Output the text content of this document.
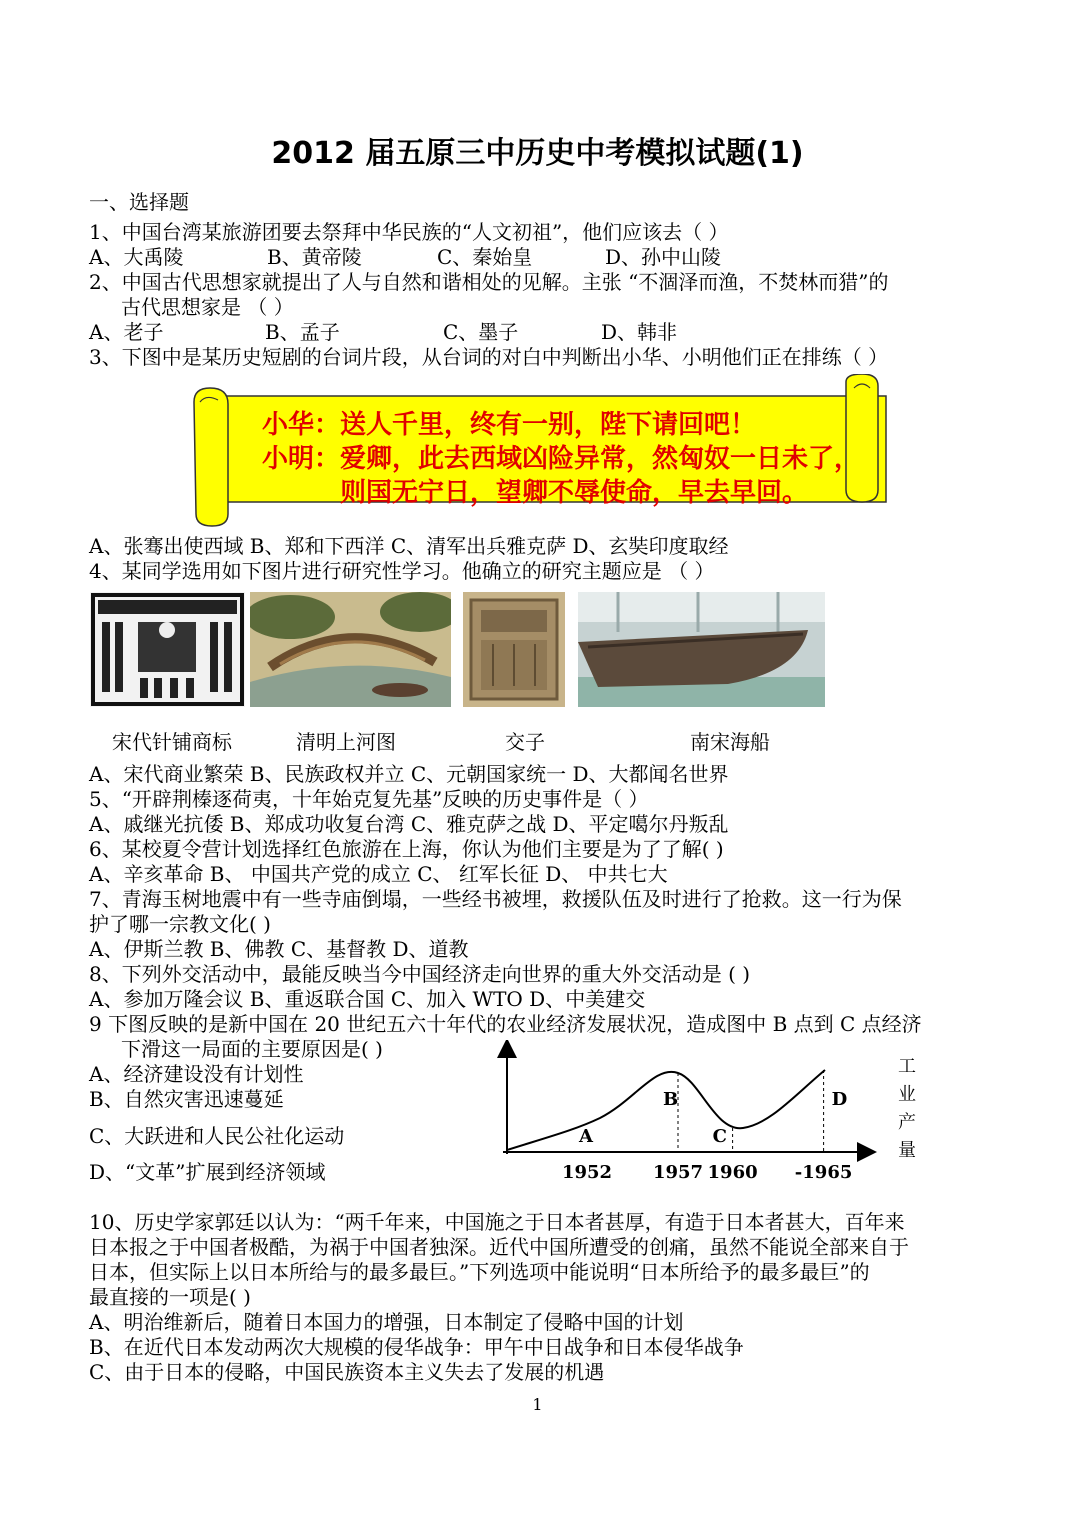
2012 届五原三中历史中考模拟试题(1)
一、选择题
1、中国台湾某旅游团要去祭拜中华民族的“人文初祖”，他们应该去（ ）
A、大禹陵	B、黄帝陵	C、秦始皇	D、孙中山陵
2、中国古代思想家就提出了人与自然和谐相处的见解。主张 “不涸泽而渔，不焚林而猎”的
古代思想家是 （ ）
A、老子	B、孟子	C、墨子	D、韩非
3、下图中是某历史短剧的台词片段，从台词的对白中判断出小华、小明他们正在排练（ ）
小华：送人千里，终有一别，陛下请回吧！
小明：爱卿，此去西域凶险异常，然匈奴一日未了，
则国无宁日，望卿不辱使命，早去早回。
A、张骞出使西域 B、郑和下西洋 C、清军出兵雅克萨 D、玄奘印度取经
4、某同学选用如下图片进行研究性学习。他确立的研究主题应是 （ ）
宋代针铺商标	清明上河图	交子	南宋海船
A、宋代商业繁荣 B、民族政权并立 C、元朝国家统一 D、大都闻名世界
5、“开辟荆榛逐荷夷，十年始克复先基”反映的历史事件是（ ）
A、戚继光抗倭 B、郑成功收复台湾 C、雅克萨之战 D、平定噶尔丹叛乱
6、某校夏令营计划选择红色旅游在上海，你认为他们主要是为了了解( )
A、辛亥革命 B、 中国共产党的成立 C、 红军长征 D、 中共七大
7、青海玉树地震中有一些寺庙倒塌，一些经书被埋，救援队伍及时进行了抢救。这一行为保
护了哪一宗教文化( )
A、伊斯兰教 B、佛教 C、基督教 D、道教
8、下列外交活动中，最能反映当今中国经济走向世界的重大外交活动是 ( )
A、参加万隆会议 B、重返联合国 C、加入 WTO D、中美建交
9 下图反映的是新中国在 20 世纪五六十年代的农业经济发展状况，造成图中 B 点到 C 点经济
下滑这一局面的主要原因是( )
A、经济建设没有计划性
B、自然灾害迅速蔓延
C、大跃进和人民公社化运动
D、“文革”扩展到经济领域
A
1952
B
1957
C
1960
D
-1965
工业产量
10、历史学家郭廷以认为：“两千年来，中国施之于日本者甚厚，有造于日本者甚大，百年来
日本报之于中国者极酷，为祸于中国者独深。近代中国所遭受的创痛，虽然不能说全部来自于
日本，但实际上以日本所给与的最多最巨。”下列选项中能说明“日本所给予的最多最巨”的
最直接的一项是( )
A、明治维新后，随着日本国力的增强，日本制定了侵略中国的计划
B、在近代日本发动两次大规模的侵华战争：甲午中日战争和日本侵华战争
C、由于日本的侵略，中国民族资本主义失去了发展的机遇
1
